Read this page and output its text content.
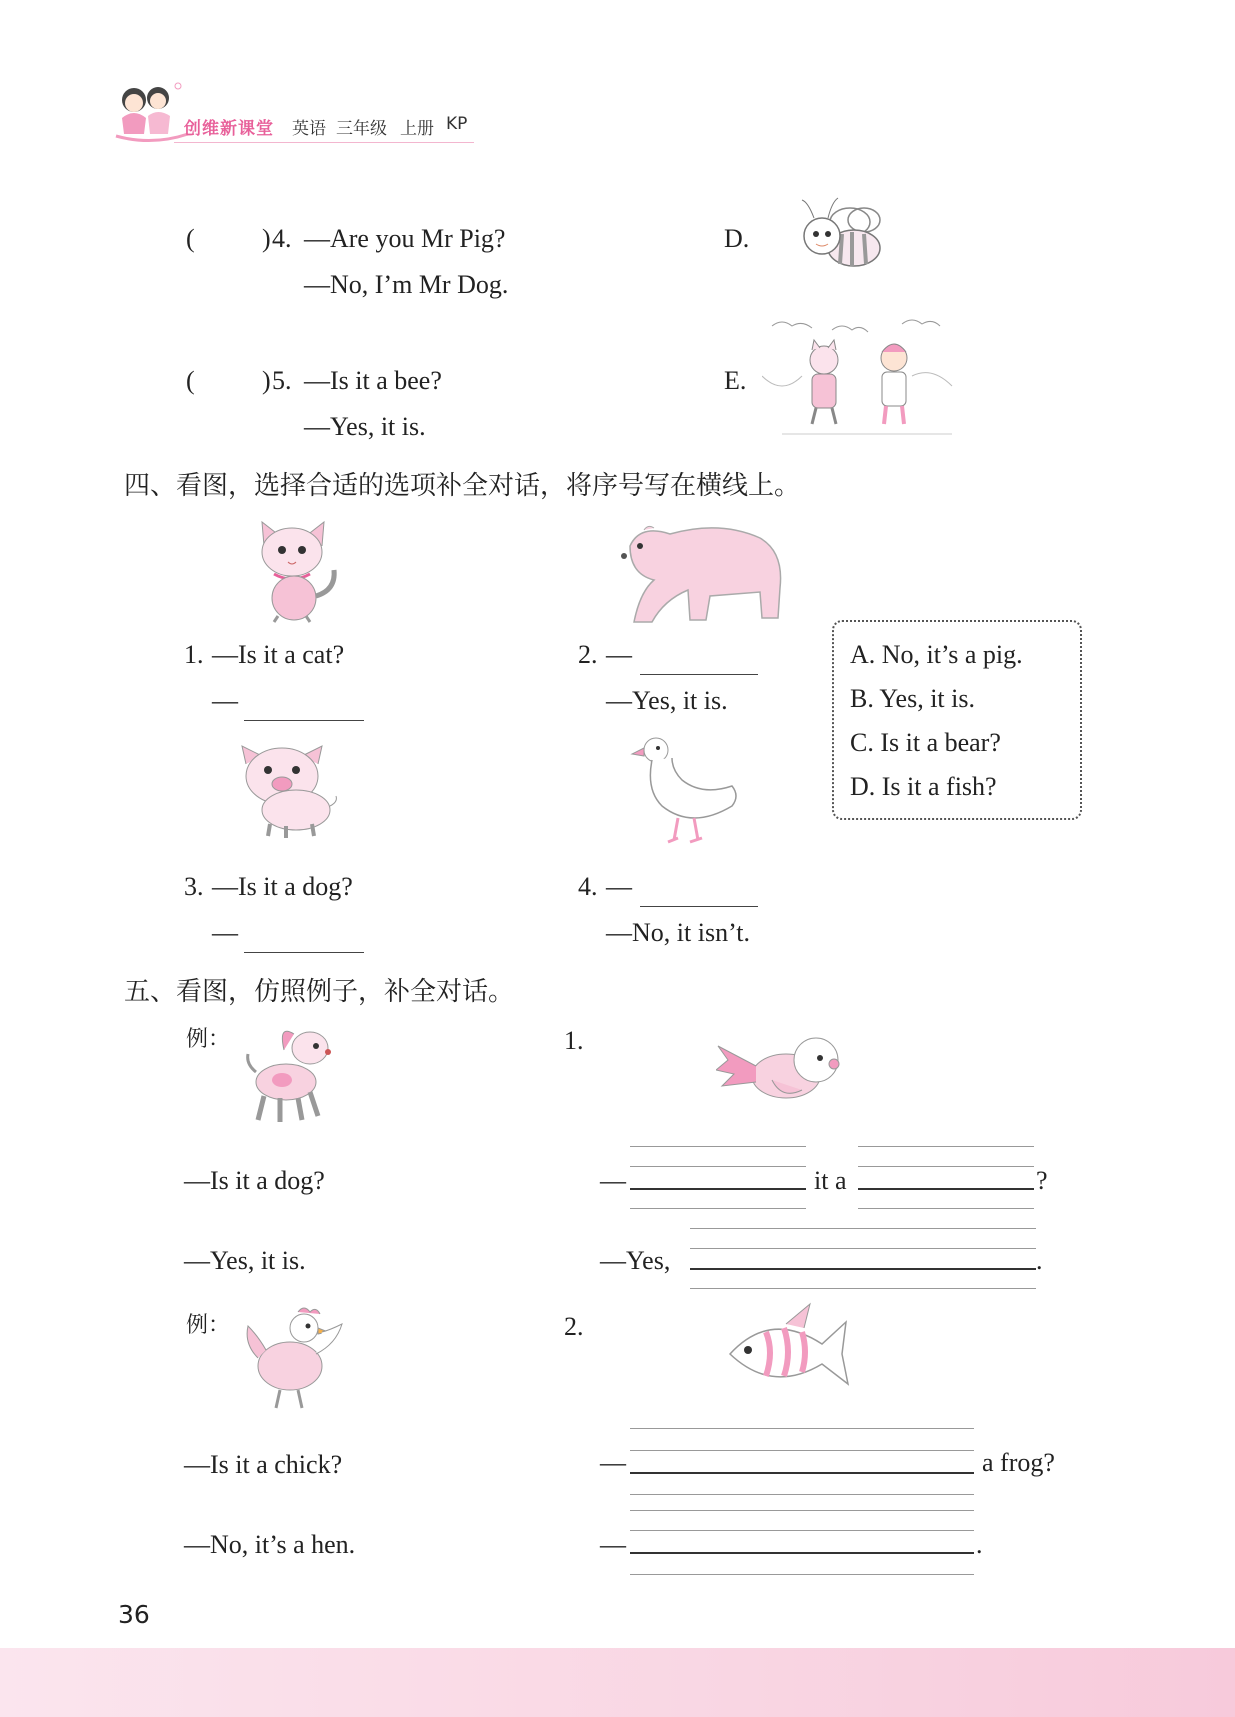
创维新课堂 英语 三年级 上册 KP
(	) 4. —Are you Mr Pig?
—No, I’m Mr Dog.
D.
(	) 5. —Is it a bee?
—Yes, it is.
E.
四、看图，选择合适的选项补全对话，将序号写在横线上。
1. —Is it a cat?
—
2. —
—Yes, it is.
A. No, it’s a pig.
B. Yes, it is.
C. Is it a bear?
D. Is it a fish?
3. —Is it a dog?
—
4. —
—No, it isn’t.
五、看图，仿照例子，补全对话。
例：
—Is it a dog?
—Yes, it is.
1.
—	it a	?
—Yes,	.
例：
—Is it a chick?
—No, it’s a hen.
2.
—	a frog?
—	.
36
